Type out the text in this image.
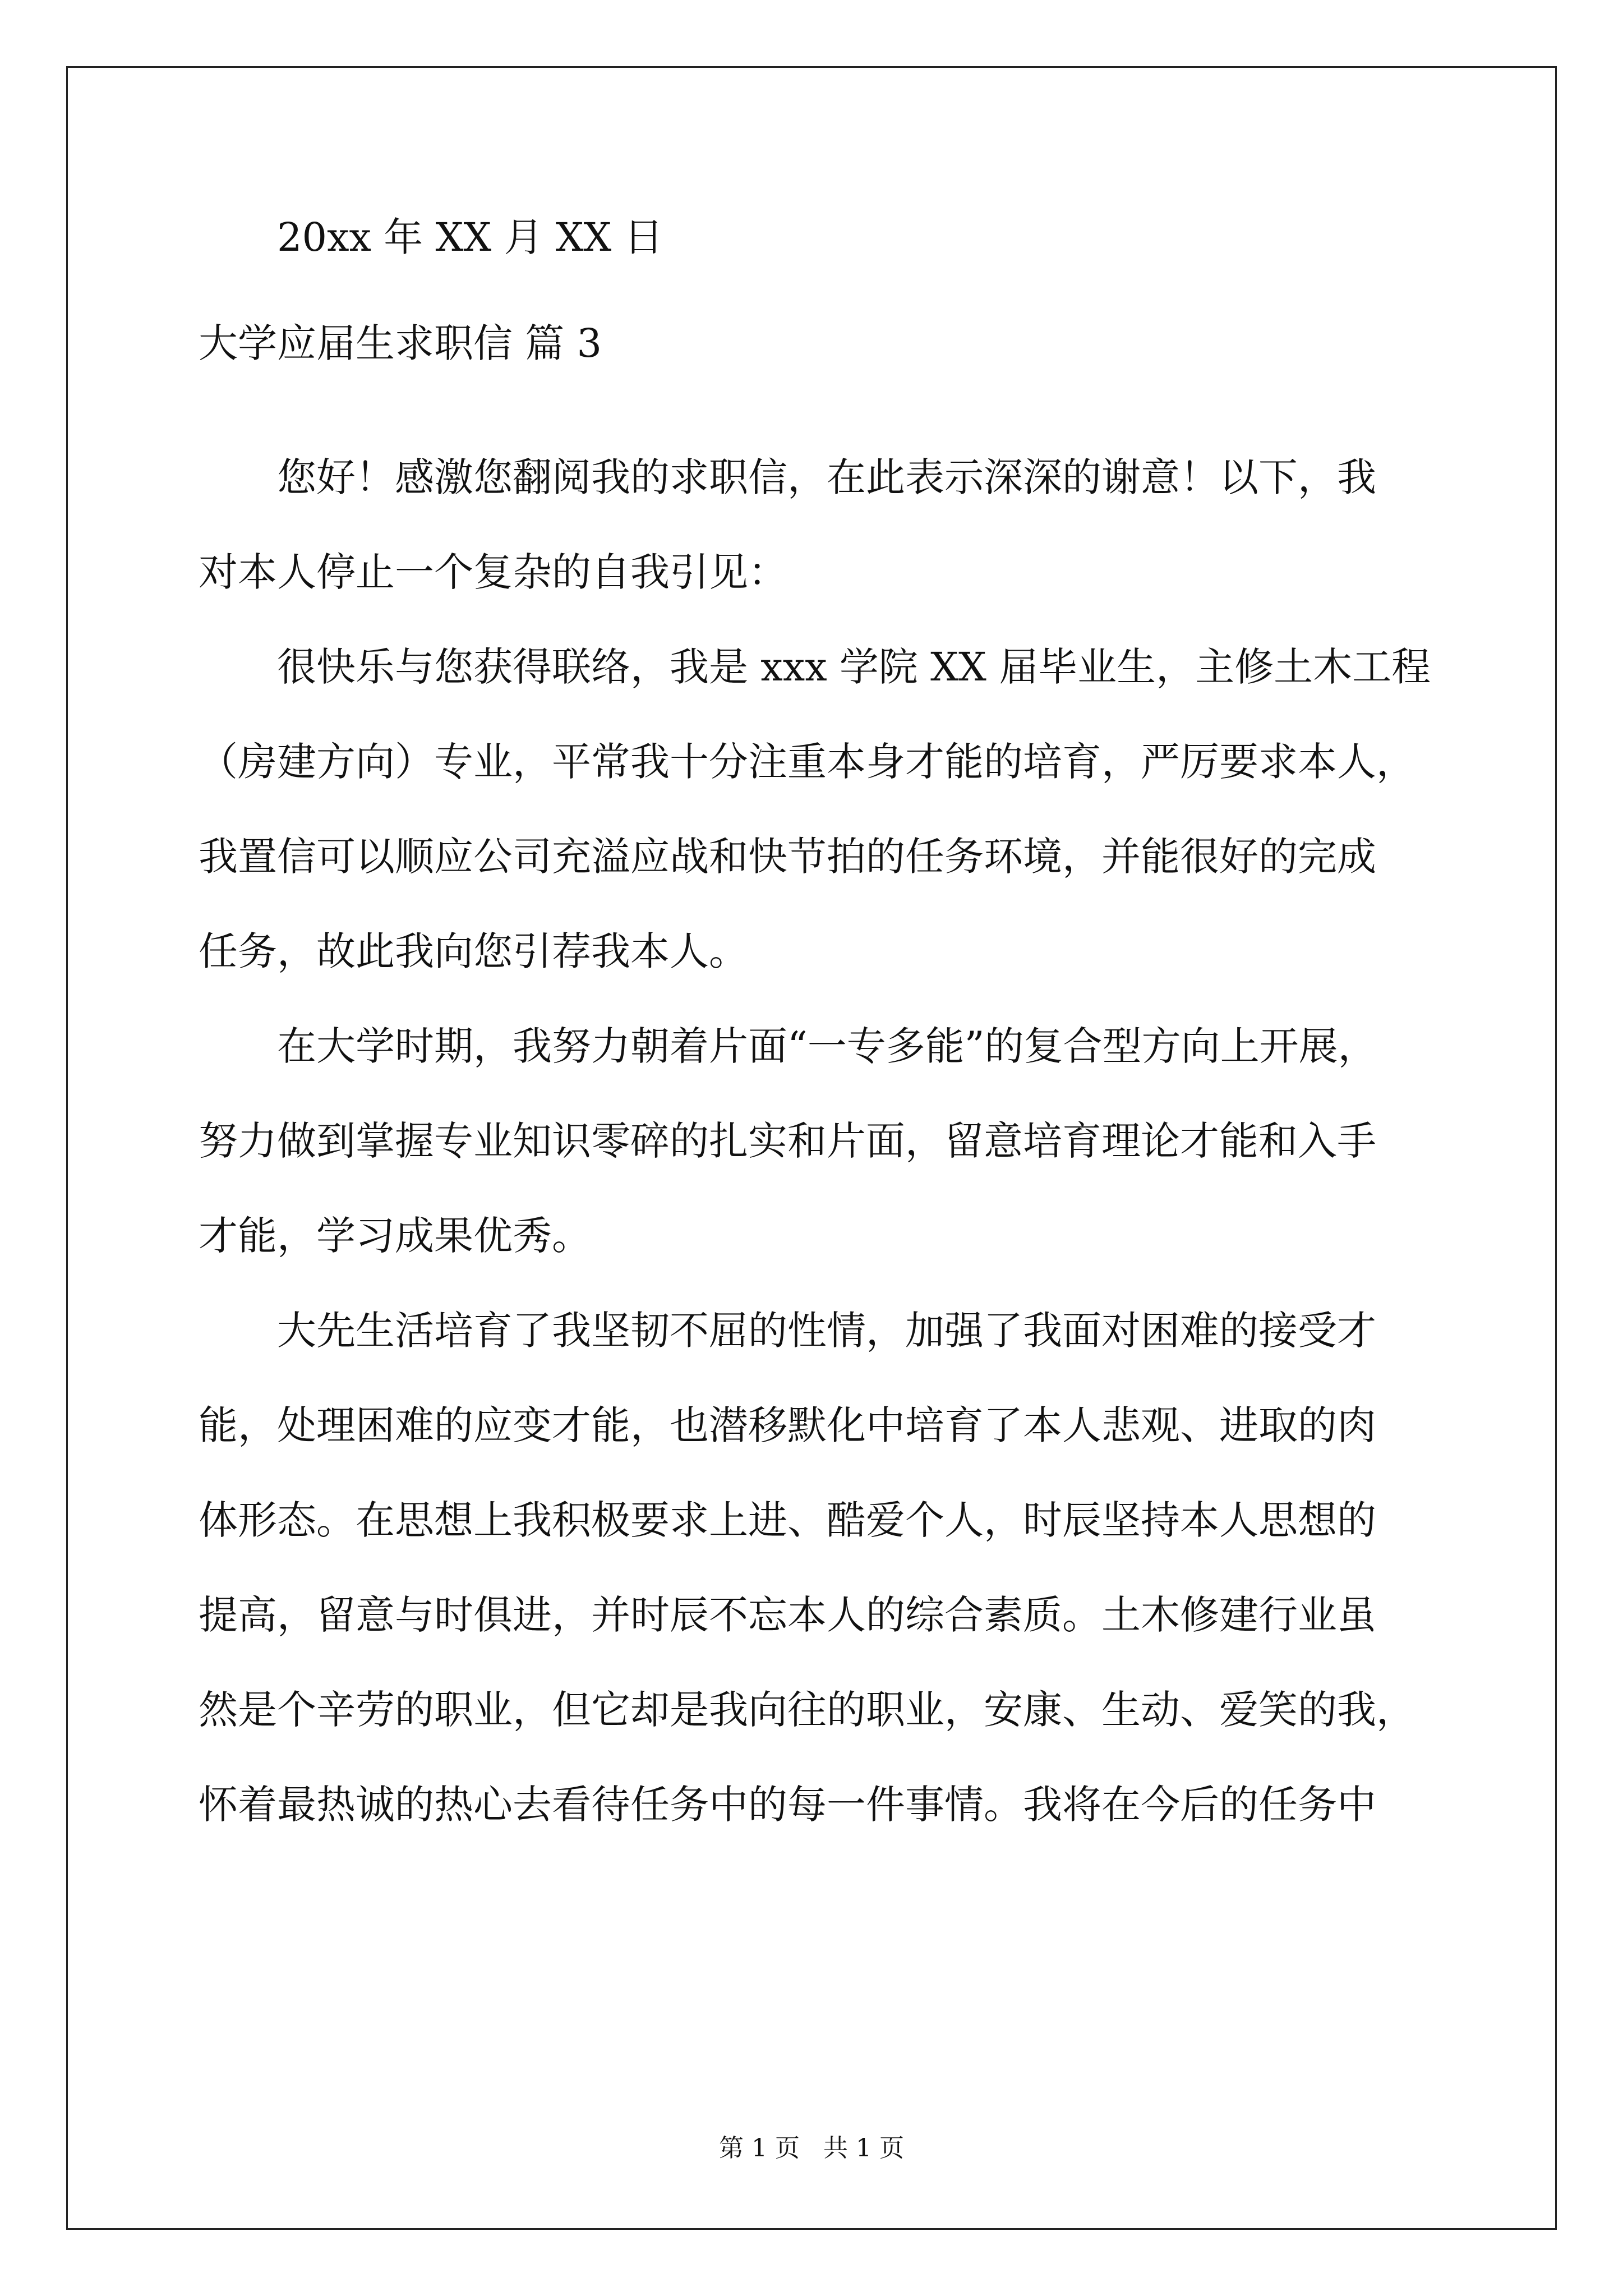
20xx 年 XX 月 XX 日

大学应届生求职信 篇 3

您好！感激您翻阅我的求职信，在此表示深深的谢意！以下，我

对本人停止一个复杂的自我引见：

很快乐与您获得联络，我是 xxx 学院 XX 届毕业生，主修土木工程

（房建方向）专业，平常我十分注重本身才能的培育，严厉要求本人，

我置信可以顺应公司充溢应战和快节拍的任务环境，并能很好的完成

任务，故此我向您引荐我本人。

在大学时期，我努力朝着片面“一专多能”的复合型方向上开展，

努力做到掌握专业知识零碎的扎实和片面，留意培育理论才能和入手

才能，学习成果优秀。

大先生活培育了我坚韧不屈的性情，加强了我面对困难的接受才

能，处理困难的应变才能，也潜移默化中培育了本人悲观、进取的肉

体形态。在思想上我积极要求上进、酷爱个人，时辰坚持本人思想的

提高，留意与时俱进，并时辰不忘本人的综合素质。土木修建行业虽

然是个辛劳的职业，但它却是我向往的职业，安康、生动、爱笑的我，

怀着最热诚的热心去看待任务中的每一件事情。我将在今后的任务中

第 1 页   共 1 页
